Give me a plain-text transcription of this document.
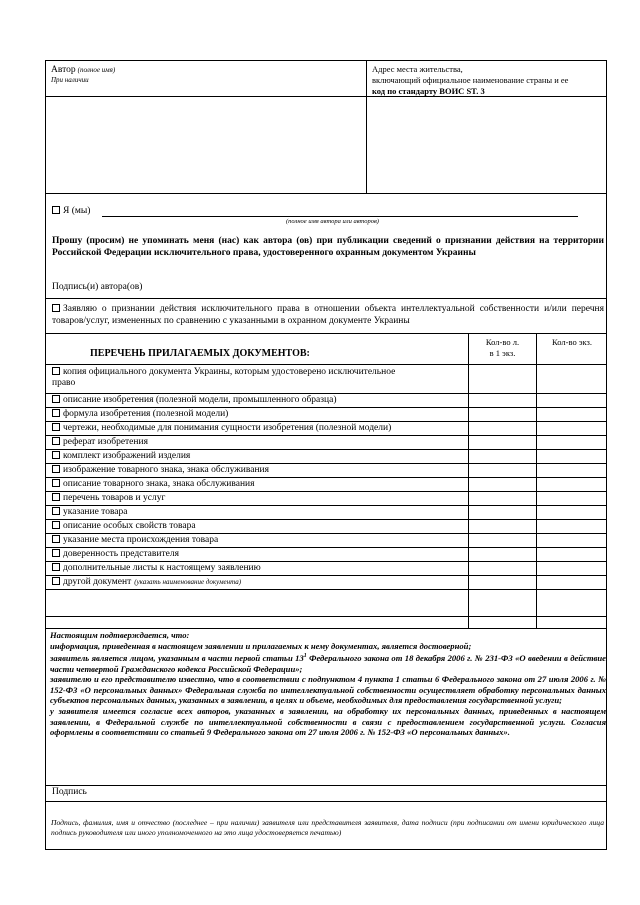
Автор (полное имя)
При наличии
Адрес места жительства,
включающий официальное наименование страны и ее
код по стандарту ВОИС ST. 3
Я (мы)
(полное имя автора или авторов)
Прошу (просим) не упоминать меня (нас) как автора (ов) при публикации сведений о признании действия на территории Российской Федерации исключительного права, удостоверенного охранным документом Украины
Подпись(и) автора(ов)
Заявляю о признании действия исключительного права в отношении объекта интеллектуальной собственности и/или перечня товаров/услуг, измененных по сравнению с указанными в охранном документе Украины
ПЕРЕЧЕНЬ ПРИЛАГАЕМЫХ ДОКУМЕНТОВ:
Кол-во л.
в 1 экз.
Кол-во экз.
копия официального документа Украины, которым удостоверено исключительное
право
описание изобретения (полезной модели, промышленного образца)
формула изобретения (полезной модели)
чертежи, необходимые для понимания сущности изобретения (полезной модели)
реферат изобретения
комплект изображений изделия
изображение товарного знака, знака обслуживания
описание товарного знака, знака обслуживания
перечень товаров и услуг
указание товара
описание особых свойств товара
указание места происхождения товара
доверенность представителя
дополнительные листы к настоящему заявлению
другой документ (указать наименование документа)
Настоящим подтверждается, что:
информация, приведенная в настоящем заявлении и прилагаемых к нему документах, является достоверной;
заявитель является лицом, указанным в части первой статьи $13^1$ Федерального закона от 18 декабря 2006 г. № 231-ФЗ «О введении в действие части четвертой Гражданского кодекса Российской Федерации»;
заявителю и его представителю известно, что в соответствии с подпунктом 4 пункта 1 статьи 6 Федерального закона от 27 июля 2006 г. № 152-ФЗ «О персональных данных» Федеральная служба по интеллектуальной собственности осуществляет обработку персональных данных субъектов персональных данных, указанных в заявлении, в целях и объеме, необходимых для предоставления государственной услуги;
у заявителя имеется согласие всех авторов, указанных в заявлении, на обработку их персональных данных, приведенных в настоящем заявлении, в Федеральной службе по интеллектуальной собственности в связи с предоставлением государственной услуги. Согласия оформлены в соответствии со статьей 9 Федерального закона от 27 июля 2006 г. № 152-ФЗ «О персональных данных».
Подпись
Подпись, фамилия, имя и отчество (последнее – при наличии) заявителя или представителя заявителя, дата подписи (при подписании от имени юридического лица подпись руководителя или иного уполномоченного на это лица удостоверяется печатью)
